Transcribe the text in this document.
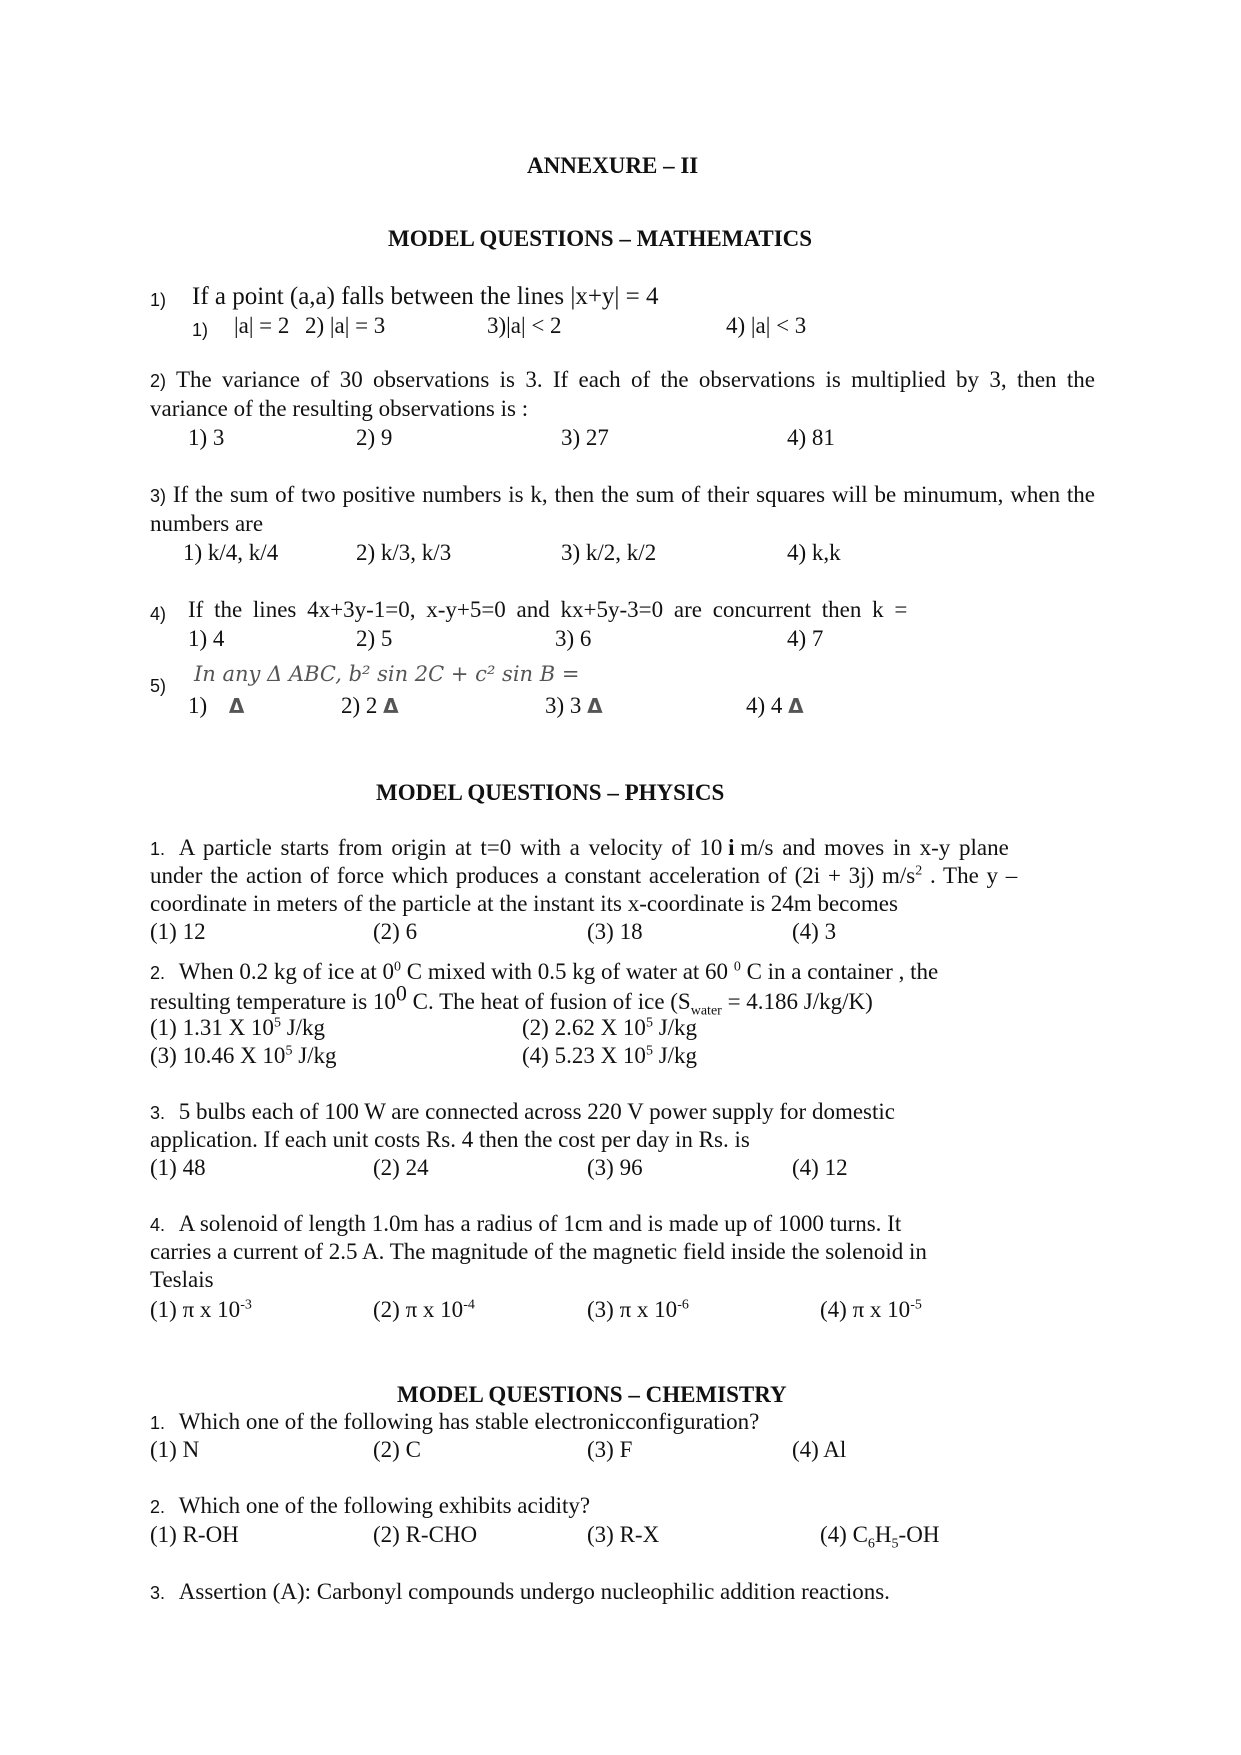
ANNEXURE – II
MODEL QUESTIONS – MATHEMATICS
1) If a point (a,a) falls between the lines |x+y| = 4
1) |a| = 2 2) |a| = 3	3)|a| < 2	4) |a| < 3
2) The variance of 30 observations is 3. If each of the observations is multiplied by 3, then the variance of the resulting observations is :
1) 3	2) 9	3) 27	4) 81
3) If the sum of two positive numbers is k, then the sum of their squares will be minumum, when the numbers are
1) k/4, k/4	2) k/3, k/3	3) k/2, k/2	4) k,k
4) If the lines 4x+3y-1=0, x-y+5=0 and kx+5y-3=0 are concurrent then k =
1) 4	2) 5	3) 6	4) 7
5) In any Δ ABC, b² sin 2C + c² sin B =
1) Δ	2) 2 Δ	3) 3 Δ	4) 4 Δ
MODEL QUESTIONS – PHYSICS
1. A particle starts from origin at t=0 with a velocity of 10 i m/s and moves in x-y plane
under the action of force which produces a constant acceleration of (2i + 3j) $m/s^2$ . The y –
coordinate in meters of the particle at the instant its x-coordinate is 24m becomes
(1) 12	(2) 6	(3) 18	(4) 3
2. When 0.2 kg of ice at $0^0$ C mixed with 0.5 kg of water at 60 $^0$ C in a container , the
resulting temperature is $10^0$ C. The heat of fusion of ice ($S_{water} = 4.186$ J/kg/K)
(1) 1.31 X $10^5$ J/kg	(2) 2.62 X $10^5$ J/kg
(3) 10.46 X $10^5$ J/kg	(4) 5.23 X $10^5$ J/kg
3. 5 bulbs each of 100 W are connected across 220 V power supply for domestic
application. If each unit costs Rs. 4 then the cost per day in Rs. is
(1) 48	(2) 24	(3) 96	(4) 12
4. A solenoid of length 1.0m has a radius of 1cm and is made up of 1000 turns. It
carries a current of 2.5 A. The magnitude of the magnetic field inside the solenoid in
Teslais
(1) π x $10^{-3}$	(2) π x $10^{-4}$	(3) π x $10^{-6}$	(4) π x $10^{-5}$
MODEL QUESTIONS – CHEMISTRY
1. Which one of the following has stable electronicconfiguration?
(1) N	(2) C	(3) F	(4) Al
2. Which one of the following exhibits acidity?
(1) R-OH	(2) R-CHO	(3) R-X	(4) $C_6H_5-OH$
3. Assertion (A): Carbonyl compounds undergo nucleophilic addition reactions.
